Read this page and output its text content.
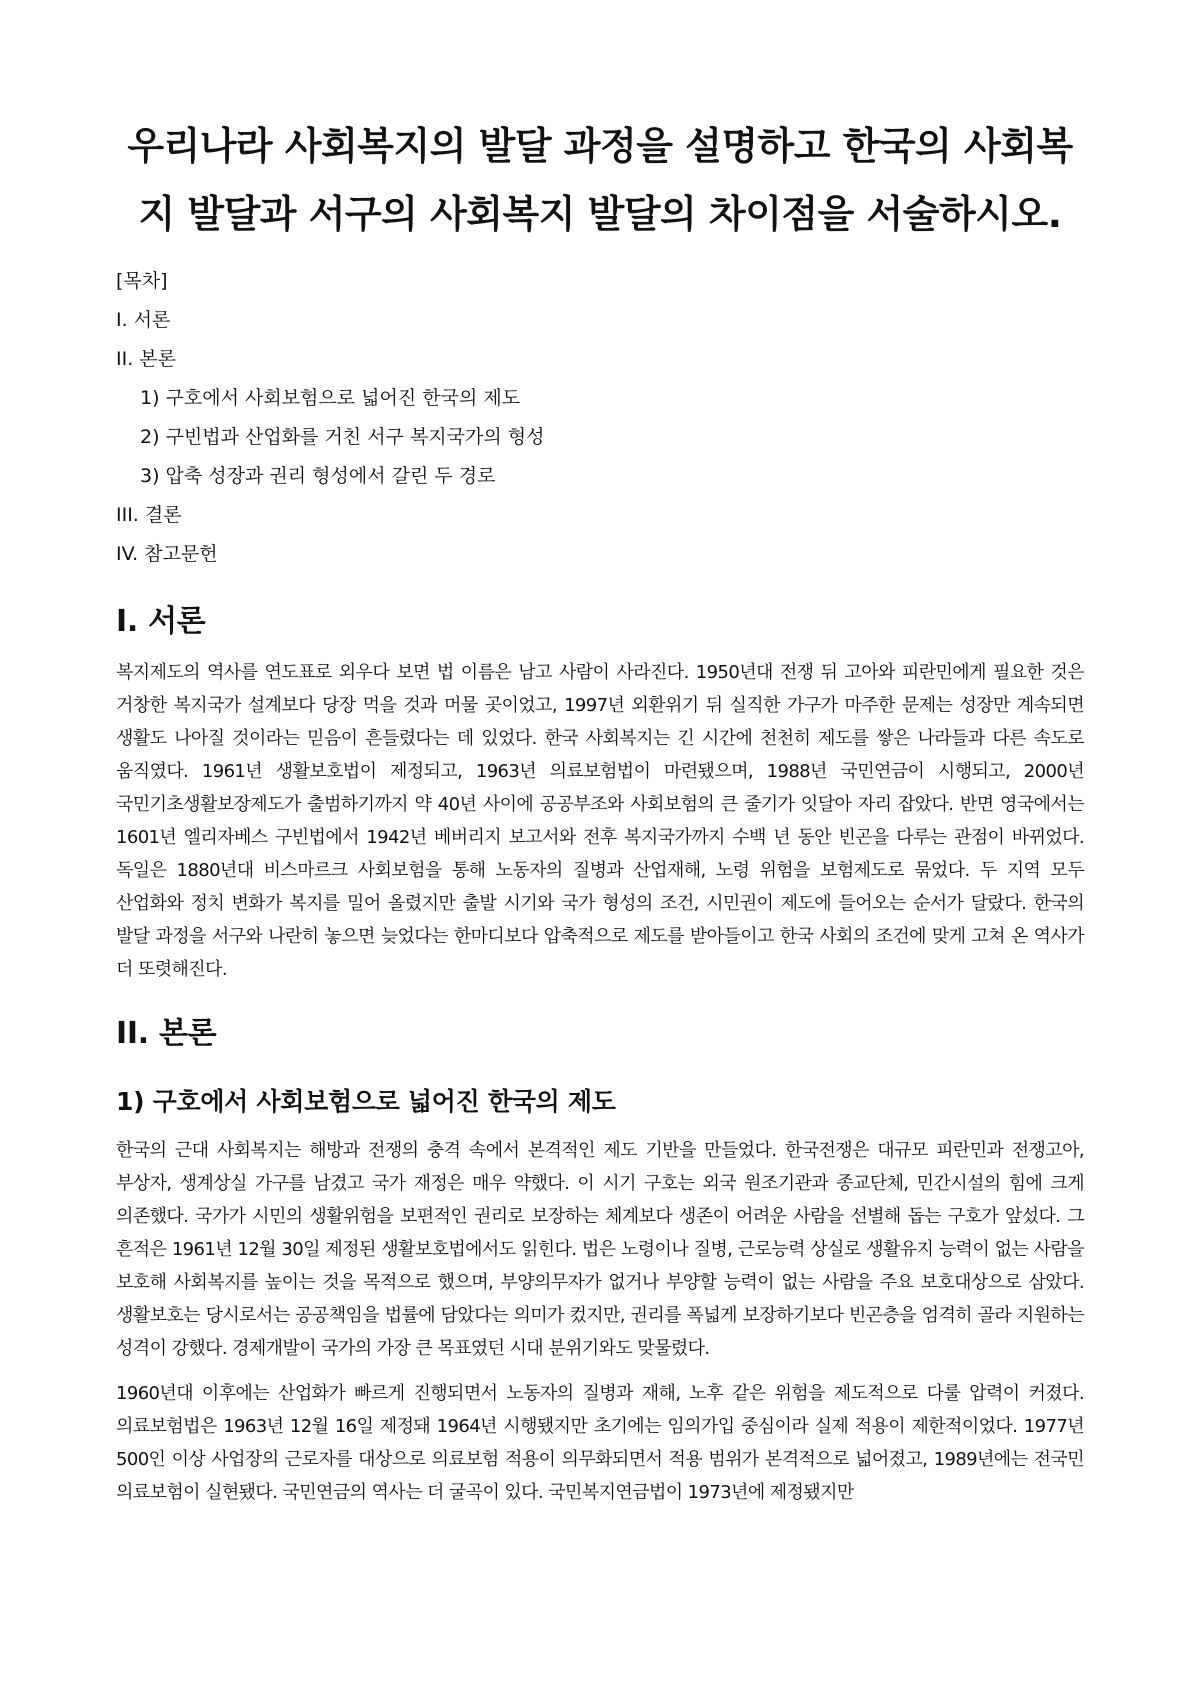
우리나라 사회복지의 발달 과정을 설명하고 한국의 사회복지 발달과 서구의 사회복지 발달의 차이점을 서술하시오.
[목차]
I. 서론
II. 본론
1) 구호에서 사회보험으로 넓어진 한국의 제도
2) 구빈법과 산업화를 거친 서구 복지국가의 형성
3) 압축 성장과 권리 형성에서 갈린 두 경로
III. 결론
IV. 참고문헌
I. 서론

복지제도의 역사를 연도표로 외우다 보면 법 이름은 남고 사람이 사라진다. 1950년대 전쟁 뒤 고아와 피란민에게 필요한 것은 거창한 복지국가 설계보다 당장 먹을 것과 머물 곳이었고, 1997년 외환위기 뒤 실직한 가구가 마주한 문제는 성장만 계속되면 생활도 나아질 것이라는 믿음이 흔들렸다는 데 있었다. 한국 사회복지는 긴 시간에 천천히 제도를 쌓은 나라들과 다른 속도로 움직였다. 1961년 생활보호법이 제정되고, 1963년 의료보험법이 마련됐으며, 1988년 국민연금이 시행되고, 2000년 국민기초생활보장제도가 출범하기까지 약 40년 사이에 공공부조와 사회보험의 큰 줄기가 잇달아 자리 잡았다. 반면 영국에서는 1601년 엘리자베스 구빈법에서 1942년 베버리지 보고서와 전후 복지국가까지 수백 년 동안 빈곤을 다루는 관점이 바뀌었다. 독일은 1880년대 비스마르크 사회보험을 통해 노동자의 질병과 산업재해, 노령 위험을 보험제도로 묶었다. 두 지역 모두 산업화와 정치 변화가 복지를 밀어 올렸지만 출발 시기와 국가 형성의 조건, 시민권이 제도에 들어오는 순서가 달랐다. 한국의 발달 과정을 서구와 나란히 놓으면 늦었다는 한마디보다 압축적으로 제도를 받아들이고 한국 사회의 조건에 맞게 고쳐 온 역사가 더 또렷해진다.

II. 본론
1) 구호에서 사회보험으로 넓어진 한국의 제도

한국의 근대 사회복지는 해방과 전쟁의 충격 속에서 본격적인 제도 기반을 만들었다. 한국전쟁은 대규모 피란민과 전쟁고아, 부상자, 생계상실 가구를 남겼고 국가 재정은 매우 약했다. 이 시기 구호는 외국 원조기관과 종교단체, 민간시설의 힘에 크게 의존했다. 국가가 시민의 생활위험을 보편적인 권리로 보장하는 체계보다 생존이 어려운 사람을 선별해 돕는 구호가 앞섰다. 그 흔적은 1961년 12월 30일 제정된 생활보호법에서도 읽힌다. 법은 노령이나 질병, 근로능력 상실로 생활유지 능력이 없는 사람을 보호해 사회복지를 높이는 것을 목적으로 했으며, 부양의무자가 없거나 부양할 능력이 없는 사람을 주요 보호대상으로 삼았다. 생활보호는 당시로서는 공공책임을 법률에 담았다는 의미가 컸지만, 권리를 폭넓게 보장하기보다 빈곤층을 엄격히 골라 지원하는 성격이 강했다. 경제개발이 국가의 가장 큰 목표였던 시대 분위기와도 맞물렸다.

1960년대 이후에는 산업화가 빠르게 진행되면서 노동자의 질병과 재해, 노후 같은 위험을 제도적으로 다룰 압력이 커졌다. 의료보험법은 1963년 12월 16일 제정돼 1964년 시행됐지만 초기에는 임의가입 중심이라 실제 적용이 제한적이었다. 1977년 500인 이상 사업장의 근로자를 대상으로 의료보험 적용이 의무화되면서 적용 범위가 본격적으로 넓어졌고, 1989년에는 전국민 의료보험이 실현됐다. 국민연금의 역사는 더 굴곡이 있다. 국민복지연금법이 1973년에 제정됐지만
